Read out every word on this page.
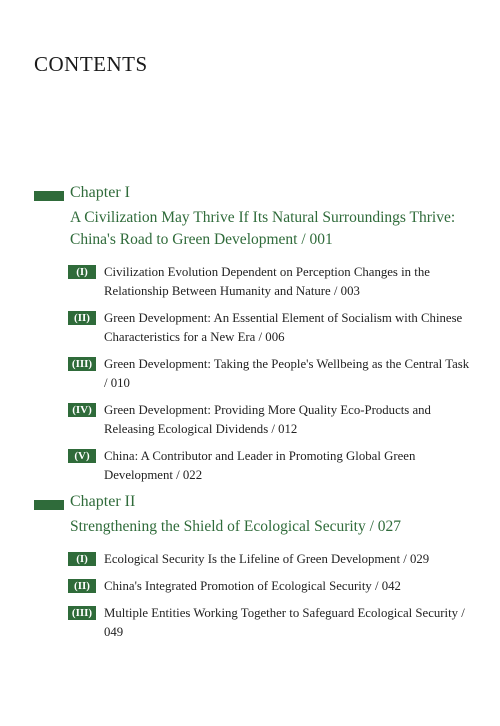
CONTENTS
Chapter I
A Civilization May Thrive If Its Natural Surroundings Thrive: China's Road to Green Development / 001
(I)	Civilization Evolution Dependent on Perception Changes in the Relationship Between Humanity and Nature / 003
(II)	Green Development: An Essential Element of Socialism with Chinese Characteristics for a New Era / 006
(III) Green Development: Taking the People's Wellbeing as the Central Task / 010
(IV) Green Development: Providing More Quality Eco-Products and Releasing Ecological Dividends / 012
(V)	China: A Contributor and Leader in Promoting Global Green Development / 022
Chapter II
Strengthening the Shield of Ecological Security / 027
(I)	Ecological Security Is the Lifeline of Green Development / 029
(II)	China's Integrated Promotion of Ecological Security / 042
(III) Multiple Entities Working Together to Safeguard Ecological Security / 049
